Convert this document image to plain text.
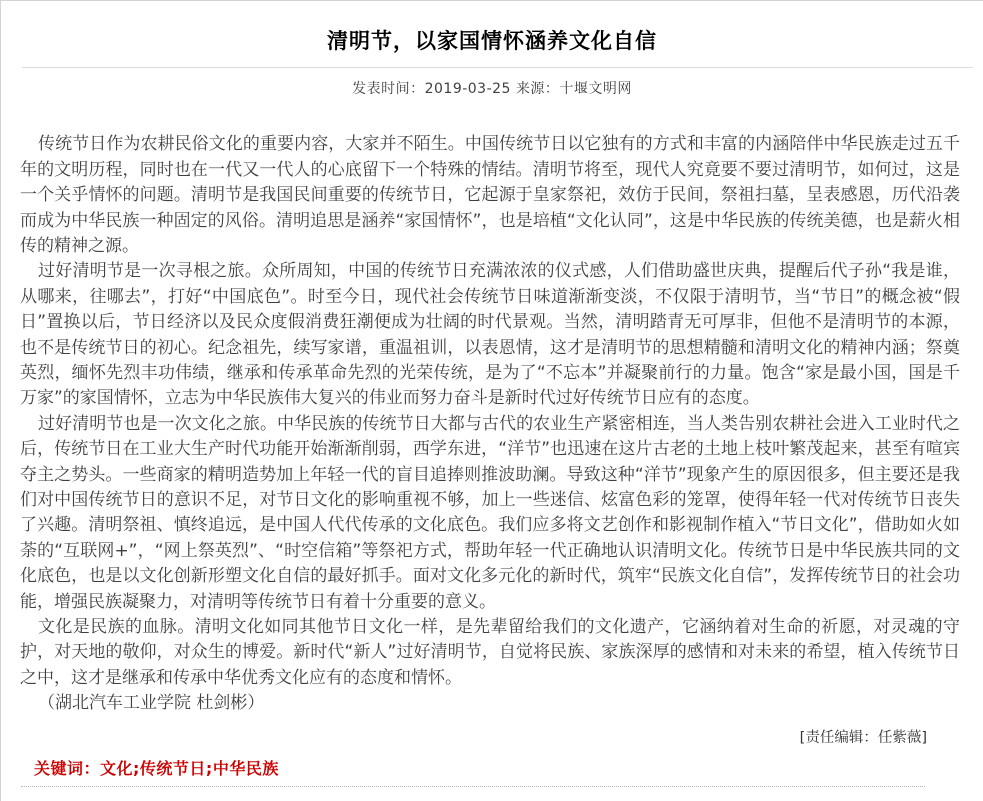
清明节，以家国情怀涵养文化自信
发表时间：2019-03-25 来源：十堰文明网

传统节日作为农耕民俗文化的重要内容，大家并不陌生。中国传统节日以它独有的方式和丰富的内涵陪伴中华民族走过五千年的文明历程，同时也在一代又一代人的心底留下一个特殊的情结。清明节将至，现代人究竟要不要过清明节，如何过，这是一个关乎情怀的问题。清明节是我国民间重要的传统节日，它起源于皇家祭祀，效仿于民间，祭祖扫墓，呈表感恩，历代沿袭而成为中华民族一种固定的风俗。清明追思是涵养“家国情怀”，也是培植“文化认同”，这是中华民族的传统美德，也是薪火相传的精神之源。

过好清明节是一次寻根之旅。众所周知，中国的传统节日充满浓浓的仪式感，人们借助盛世庆典，提醒后代子孙“我是谁，从哪来，往哪去”，打好“中国底色”。时至今日，现代社会传统节日味道渐渐变淡，不仅限于清明节，当“节日”的概念被“假日”置换以后，节日经济以及民众度假消费狂潮便成为壮阔的时代景观。当然，清明踏青无可厚非，但他不是清明节的本源，也不是传统节日的初心。纪念祖先，续写家谱，重温祖训，以表恩情，这才是清明节的思想精髓和清明文化的精神内涵；祭奠英烈，缅怀先烈丰功伟绩，继承和传承革命先烈的光荣传统，是为了“不忘本”并凝聚前行的力量。饱含“家是最小国，国是千万家”的家国情怀，立志为中华民族伟大复兴的伟业而努力奋斗是新时代过好传统节日应有的态度。

过好清明节也是一次文化之旅。中华民族的传统节日大都与古代的农业生产紧密相连，当人类告别农耕社会进入工业时代之后，传统节日在工业大生产时代功能开始渐渐削弱，西学东进，“洋节”也迅速在这片古老的土地上枝叶繁茂起来，甚至有喧宾夺主之势头。一些商家的精明造势加上年轻一代的盲目追捧则推波助澜。导致这种“洋节”现象产生的原因很多，但主要还是我们对中国传统节日的意识不足，对节日文化的影响重视不够，加上一些迷信、炫富色彩的笼罩，使得年轻一代对传统节日丧失了兴趣。清明祭祖、慎终追远，是中国人代代传承的文化底色。我们应多将文艺创作和影视制作植入“节日文化”，借助如火如荼的“互联网+”，“网上祭英烈”、“时空信箱”等祭祀方式，帮助年轻一代正确地认识清明文化。传统节日是中华民族共同的文化底色，也是以文化创新形塑文化自信的最好抓手。面对文化多元化的新时代，筑牢“民族文化自信”，发挥传统节日的社会功能，增强民族凝聚力，对清明等传统节日有着十分重要的意义。

文化是民族的血脉。清明文化如同其他节日文化一样，是先辈留给我们的文化遗产，它涵纳着对生命的祈愿，对灵魂的守护，对天地的敬仰，对众生的博爱。新时代“新人”过好清明节，自觉将民族、家族深厚的感情和对未来的希望，植入传统节日之中，这才是继承和传承中华优秀文化应有的态度和情怀。

（湖北汽车工业学院 杜剑彬）

[责任编辑：任紫薇]
关键词：文化;传统节日;中华民族
